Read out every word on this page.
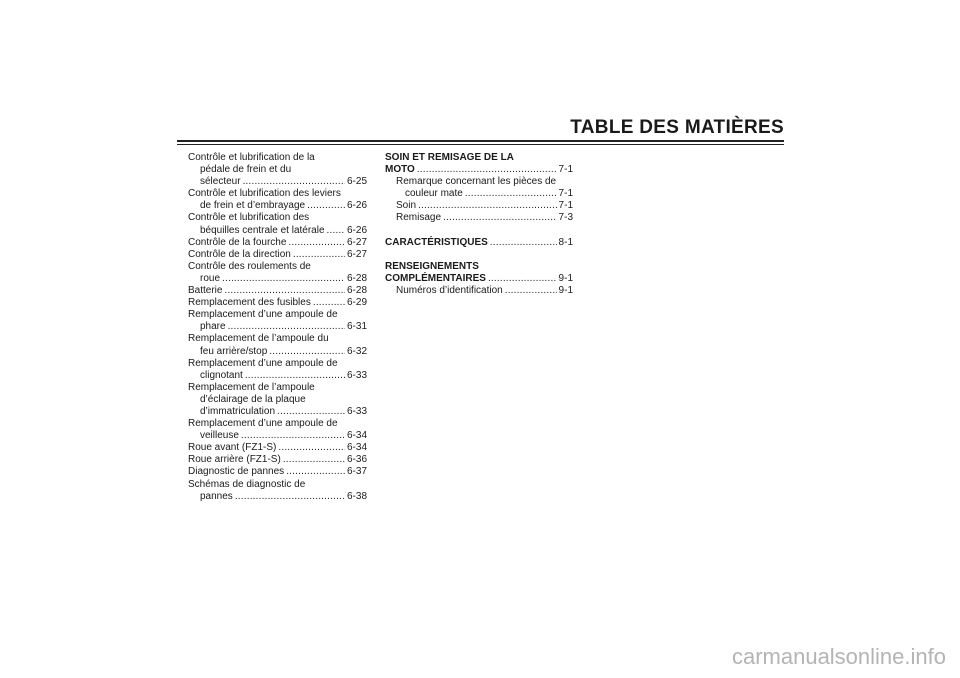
TABLE DES MATIÈRES
Contrôle et lubrification de la
pédale de frein et du
sélecteur .....	6-25
Contrôle et lubrification des leviers
de frein et d’embrayage .....	6-26
Contrôle et lubrification des
béquilles centrale et latérale ..... 6-26
Contrôle de la fourche .....	6-27
Contrôle de la direction .....	6-27
Contrôle des roulements de
roue .....	6-28
Batterie .....	6-28
Remplacement des fusibles .....	6-29
Remplacement d’une ampoule de
phare .....	6-31
Remplacement de l’ampoule du
feu arrière/stop .....	6-32
Remplacement d’une ampoule de
clignotant .....	6-33
Remplacement de l’ampoule
d’éclairage de la plaque
d’immatriculation .....	6-33
Remplacement d’une ampoule de
veilleuse .....	6-34
Roue avant (FZ1-S) .....	6-34
Roue arrière (FZ1-S) .....	6-36
Diagnostic de pannes .....	6-37
Schémas de diagnostic de
pannes .....	6-38
SOIN ET REMISAGE DE LA
MOTO .....	7-1
Remarque concernant les pièces de
couleur mate .....	7-1
Soin .....	7-1
Remisage .....	7-3
CARACTÉRISTIQUES .....	8-1
RENSEIGNEMENTS
COMPLÉMENTAIRES .....	9-1
Numéros d’identification .....	9-1
carmanualsonline.info
